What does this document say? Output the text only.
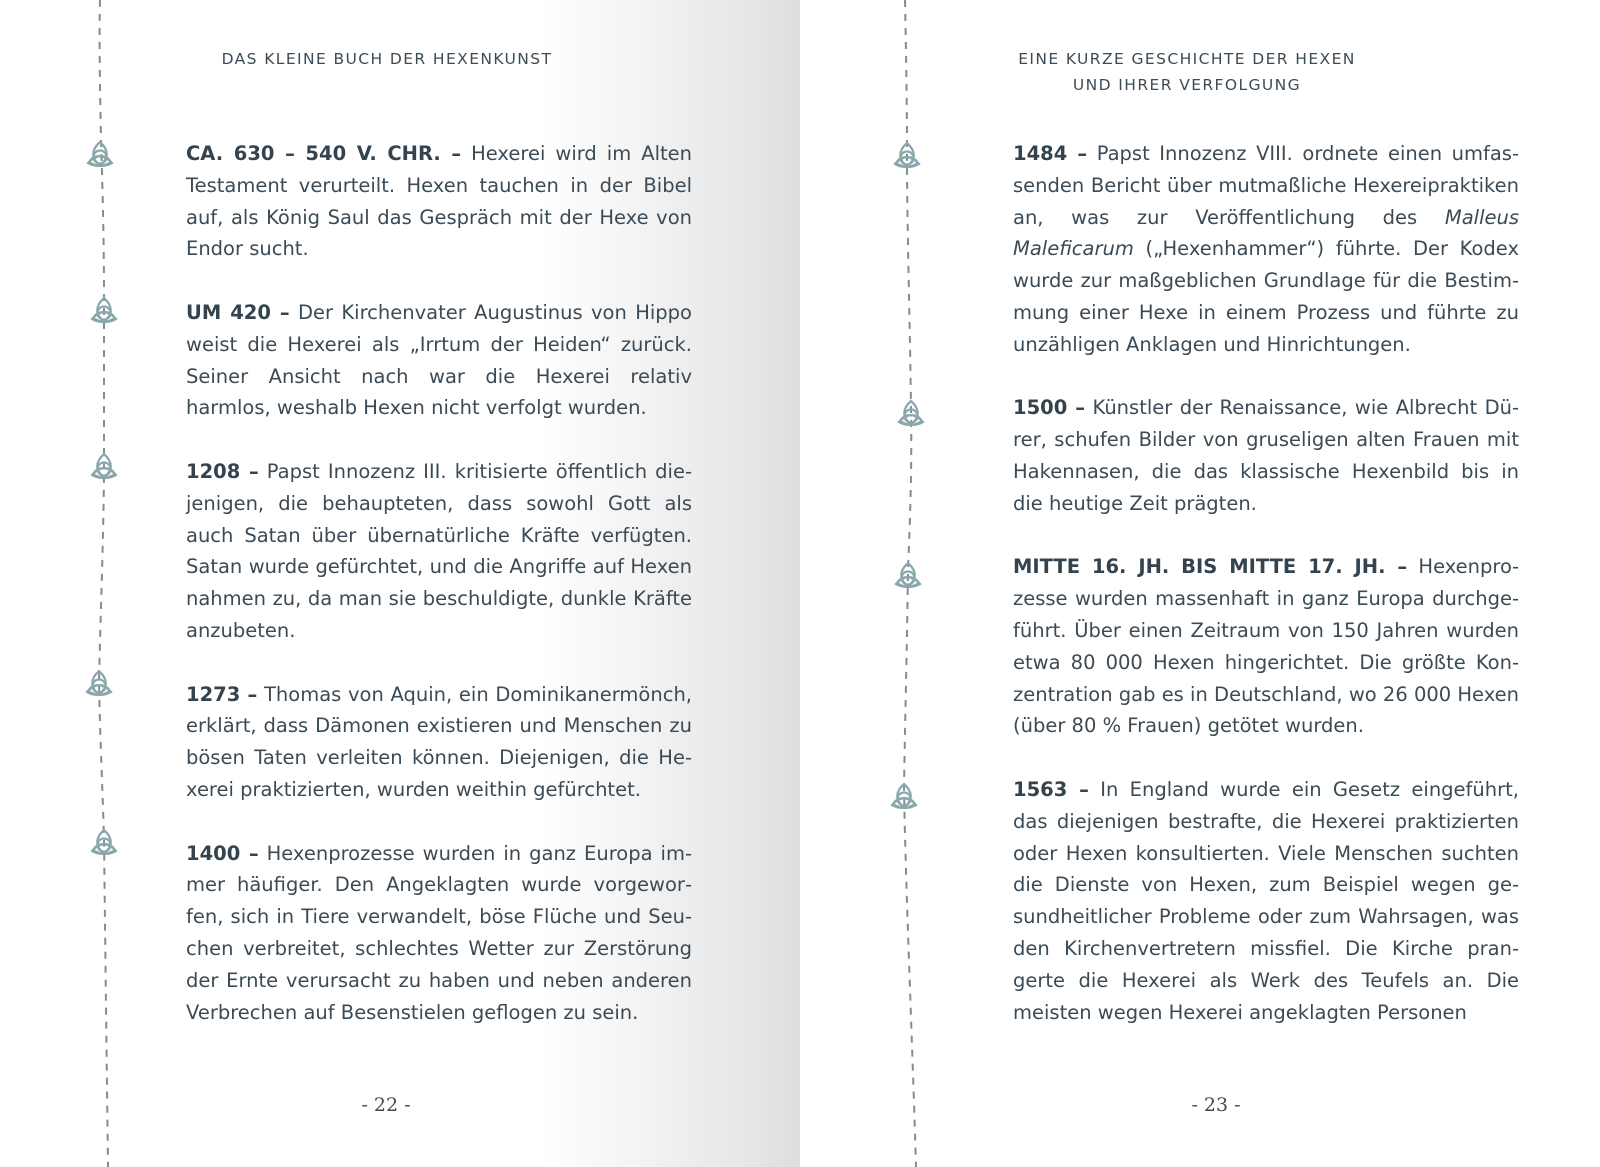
DAS KLEINE BUCH DER HEXENKUNST

CA. 630 – 540 V. CHR. – Hexerei wird im Alten Testament verurteilt. Hexen tauchen in der Bibel auf, als König Saul das Gespräch mit der Hexe von Endor sucht.

UM 420 – Der Kirchenvater Augustinus von Hippo weist die Hexerei als „Irrtum der Heiden“ zurück. Seiner Ansicht nach war die Hexerei relativ harmlos, weshalb Hexen nicht verfolgt wurden.

1208 – Papst Innozenz III. kritisierte öffentlich diejenigen, die behaupteten, dass sowohl Gott als auch Satan über übernatürliche Kräfte verfügten. Satan wurde gefürchtet, und die Angriffe auf Hexen nahmen zu, da man sie beschuldigte, dunkle Kräfte anzubeten.

1273 – Thomas von Aquin, ein Dominikanermönch, erklärt, dass Dämonen existieren und Menschen zu bösen Taten verleiten können. Diejenigen, die Hexerei praktizierten, wurden weithin gefürchtet.

1400 – Hexenprozesse wurden in ganz Europa immer häufiger. Den Angeklagten wurde vorgeworfen, sich in Tiere verwandelt, böse Flüche und Seuchen verbreitet, schlechtes Wetter zur Zerstörung der Ernte verursacht zu haben und neben anderen Verbrechen auf Besenstielen geflogen zu sein.

- 22 -
EINE KURZE GESCHICHTE DER HEXEN
UND IHRER VERFOLGUNG

1484 – Papst Innozenz VIII. ordnete einen umfassenden Bericht über mutmaßliche Hexereipraktiken an, was zur Veröffentlichung des Malleus Maleficarum („Hexenhammer“) führte. Der Kodex wurde zur maßgeblichen Grundlage für die Bestimmung einer Hexe in einem Prozess und führte zu unzähligen Anklagen und Hinrichtungen.

1500 – Künstler der Renaissance, wie Albrecht Dürer, schufen Bilder von gruseligen alten Frauen mit Hakennasen, die das klassische Hexenbild bis in die heutige Zeit prägten.

MITTE 16. JH. BIS MITTE 17. JH. – Hexenprozesse wurden massenhaft in ganz Europa durchgeführt. Über einen Zeitraum von 150 Jahren wurden etwa 80 000 Hexen hingerichtet. Die größte Konzentration gab es in Deutschland, wo 26 000 Hexen (über 80 % Frauen) getötet wurden.

1563 – In England wurde ein Gesetz eingeführt, das diejenigen bestrafte, die Hexerei praktizierten oder Hexen konsultierten. Viele Menschen suchten die Dienste von Hexen, zum Beispiel wegen gesundheitlicher Probleme oder zum Wahrsagen, was den Kirchenvertretern missfiel. Die Kirche prangerte die Hexerei als Werk des Teufels an. Die meisten wegen Hexerei angeklagten Personen

- 23 -
